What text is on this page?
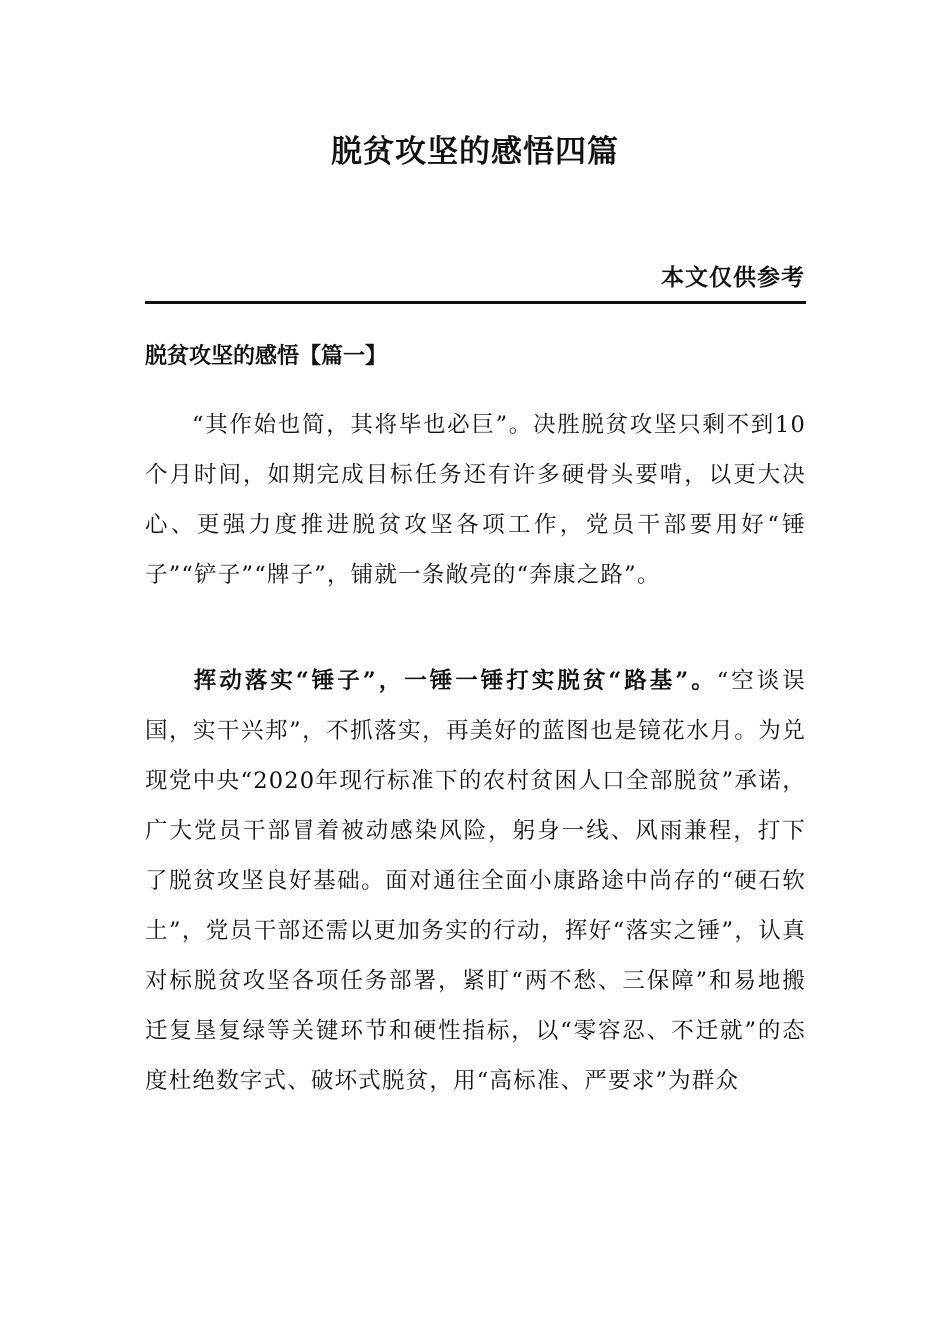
脱贫攻坚的感悟四篇
本文仅供参考
脱贫攻坚的感悟【篇一】
“其作始也简，其将毕也必巨”。决胜脱贫攻坚只剩不到10个月时间，如期完成目标任务还有许多硬骨头要啃，以更大决心、更强力度推进脱贫攻坚各项工作，党员干部要用好“锤子”“铲子”“牌子”，铺就一条敞亮的“奔康之路”。
挥动落实“锤子”，一锤一锤打实脱贫“路基”。“空谈误国，实干兴邦”，不抓落实，再美好的蓝图也是镜花水月。为兑现党中央“2020年现行标准下的农村贫困人口全部脱贫”承诺，广大党员干部冒着被动感染风险，躬身一线、风雨兼程，打下了脱贫攻坚良好基础。面对通往全面小康路途中尚存的“硬石软土”，党员干部还需以更加务实的行动，挥好“落实之锤”，认真对标脱贫攻坚各项任务部署，紧盯“两不愁、三保障”和易地搬迁复垦复绿等关键环节和硬性指标，以“零容忍、不迁就”的态度杜绝数字式、破坏式脱贫，用“高标准、严要求”为群众
